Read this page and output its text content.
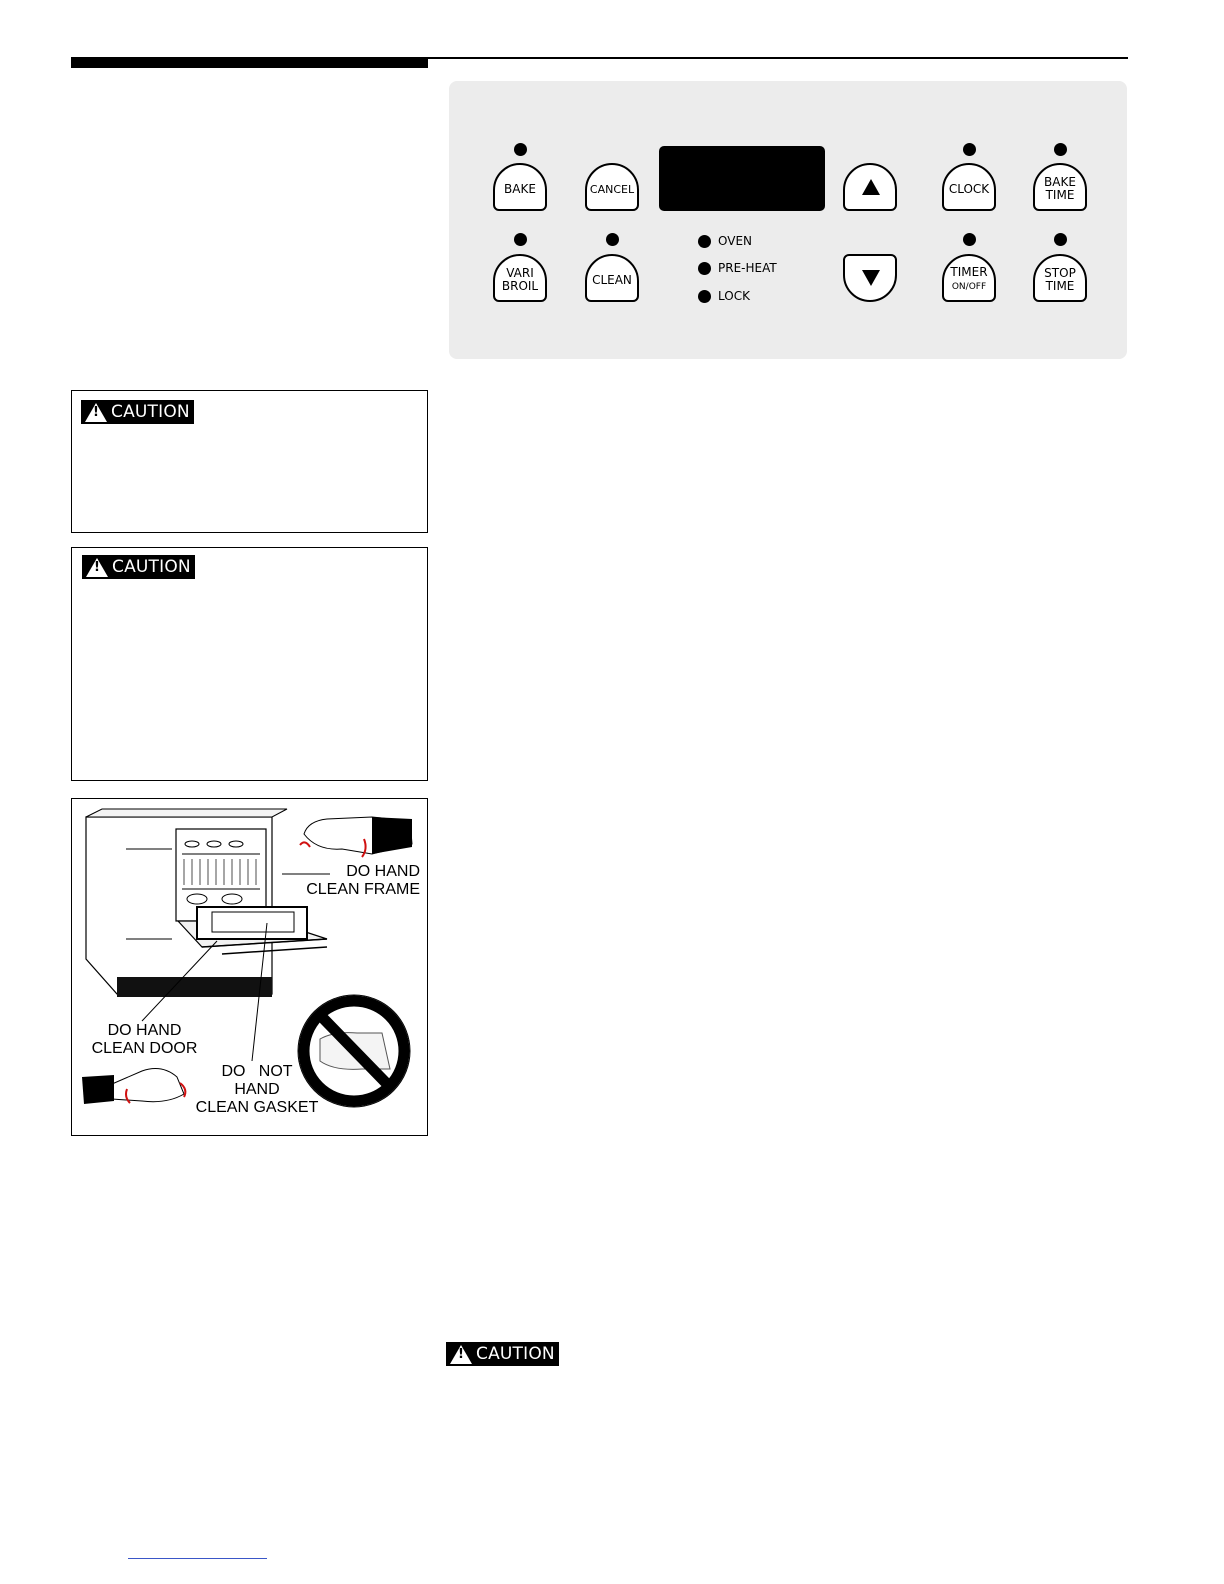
BAKE	CANCEL	CLOCK	BAKE
TIME
VARI
BROIL	CLEAN
TIMER
ON/OFF
STOP
TIME
OVEN
PRE-HEAT
LOCK
!
CAUTION
!
CAUTION
DO HAND
CLEAN FRAME
DO HAND
CLEAN DOOR
DO   NOT
HAND
CLEAN GASKET
!
CAUTION
